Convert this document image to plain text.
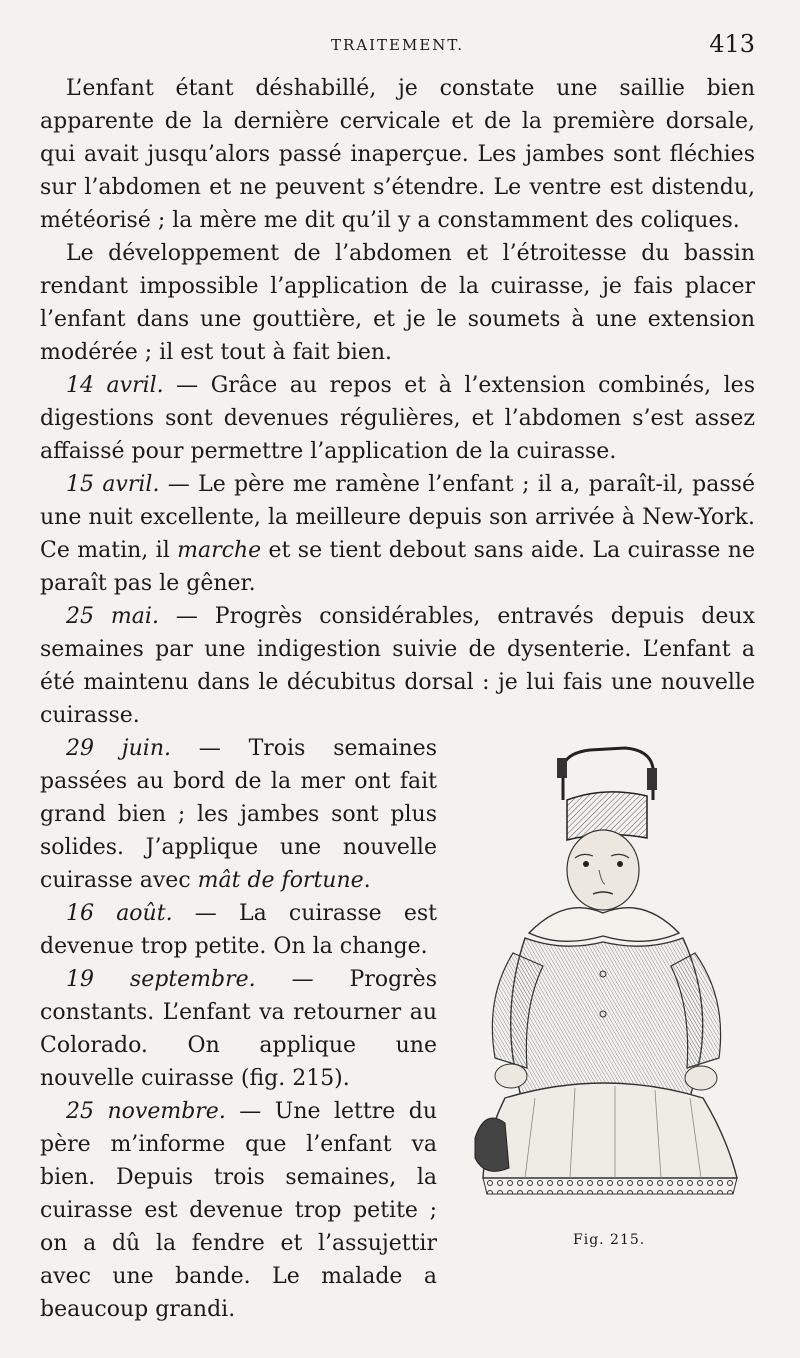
TRAITEMENT.	413

L’enfant étant déshabillé, je constate une saillie bien apparente de la dernière cervicale et de la première dorsale, qui avait jusqu’alors passé inaperçue. Les jambes sont fléchies sur l’abdomen et ne peuvent s’étendre. Le ventre est distendu, météorisé ; la mère me dit qu’il y a constamment des coliques.

Le développement de l’abdomen et l’étroitesse du bassin rendant impossible l’application de la cuirasse, je fais placer l’enfant dans une gouttière, et je le soumets à une extension modérée ; il est tout à fait bien.

14 avril. — Grâce au repos et à l’extension combinés, les digestions sont devenues régulières, et l’abdomen s’est assez affaissé pour permettre l’application de la cuirasse.

15 avril. — Le père me ramène l’enfant ; il a, paraît-il, passé une nuit excellente, la meilleure depuis son arrivée à New-York. Ce matin, il marche et se tient debout sans aide. La cuirasse ne paraît pas le gêner.

25 mai. — Progrès considérables, entravés depuis deux semaines par une indigestion suivie de dysenterie. L’enfant a été maintenu dans le décubitus dorsal : je lui fais une nouvelle cuirasse.

Fig. 215.

29 juin. — Trois semaines passées au bord de la mer ont fait grand bien ; les jambes sont plus solides. J’applique une nouvelle cuirasse avec mât de fortune.

16 août. — La cuirasse est devenue trop petite. On la change.

19 septembre. — Progrès constants. L’enfant va retourner au Colorado. On applique une nouvelle cuirasse (fig. 215).

25 novembre. — Une lettre du père m’informe que l’enfant va bien. Depuis trois semaines, la cuirasse est devenue trop petite ; on a dû la fendre et l’assujettir avec une bande. Le malade a beaucoup grandi.
